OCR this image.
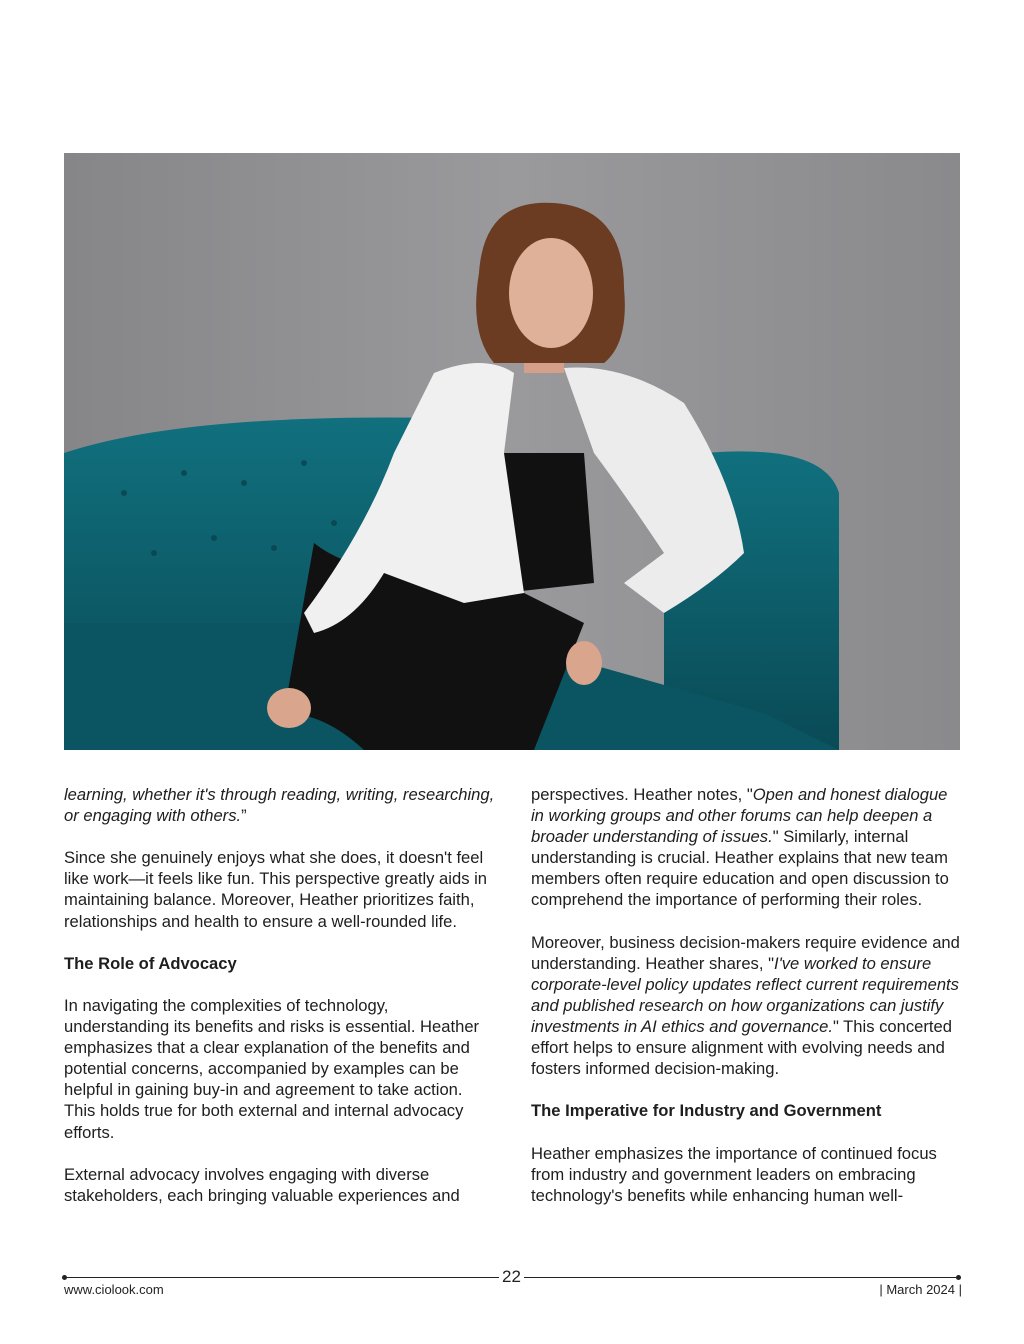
learning, whether it's through reading, writing, researching, or engaging with others.”

Since she genuinely enjoys what she does, it doesn't feel like work—it feels like fun. This perspective greatly aids in maintaining balance. Moreover, Heather prioritizes faith, relationships and health to ensure a well-rounded life.

The Role of Advocacy

In navigating the complexities of technology, understanding its benefits and risks is essential. Heather emphasizes that a clear explanation of the benefits and potential concerns, accompanied by examples can be helpful in gaining buy-in and agreement to take action. This holds true for both external and internal advocacy efforts.

External advocacy involves engaging with diverse stakeholders, each bringing valuable experiences and

perspectives. Heather notes, "Open and honest dialogue in working groups and other forums can help deepen a broader understanding of issues." Similarly, internal understanding is crucial. Heather explains that new team members often require education and open discussion to comprehend the importance of performing their roles.

Moreover, business decision-makers require evidence and understanding. Heather shares, "I've worked to ensure corporate-level policy updates reflect current requirements and published research on how organizations can justify investments in AI ethics and governance." This concerted effort helps to ensure alignment with evolving needs and fosters informed decision-making.

The Imperative for Industry and Government

Heather emphasizes the importance of continued focus from industry and government leaders on embracing technology's benefits while enhancing human well-

22
www.ciolook.com	| March 2024 |
